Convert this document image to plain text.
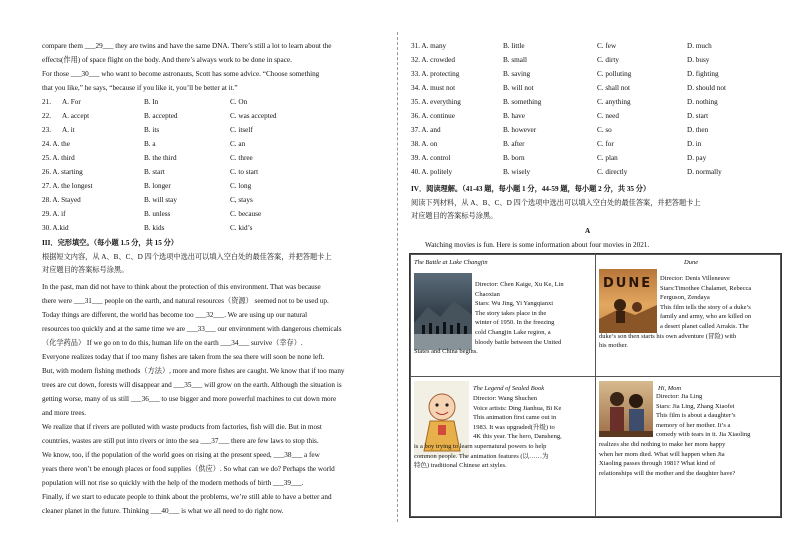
compare them ___29___ they are twins and have the same DNA. There’s still a lot to learn about the
effects(作用) of space flight on the body. And there’s always work to be done in space.
For those ___30___ who want to become astronauts, Scott has some advice. “Choose something
that you like,” he says, “because if you like it, you’ll be better at it.”
21. A. For	B. In	C. On
22. A. accept	B. accepted	C. was accepted
23. A. it	B. its	C. itself
24. A. the	B. a	C. an
25. A. third	B. the third	C. three
26. A. starting	B. start	C. to start
27. A. the longest	B. longer	C. long
28. A. Stayed	B. will stay	C, stays
29. A. if	B. unless	C. because
30. A.kid	B. kids	C. kid’s
III．完形填空。（每小题 1.5 分，共 15 分）
根据短文内容，从 A、B、C、D 四个选项中选出可以填入空白处的最佳答案，并把答题卡上
对应题目的答案标号涂黑。
In the past, man did not have to think about the protection of this environment. That was because
there were ___31___ people on the earth, and natural resources（资源） seemed not to be used up.
Today things are different, the world has become too ___32___. We are using up our natural
resources too quickly and at the same time we are ___33___ our environment with dangerous chemicals
（化学药品） If we go on to do this, human life on the earth ___34___ survive（幸存）.
Everyone realizes today that if too many fishes are taken from the sea there will soon be none left.
But, with modern fishing methods（方法）, more and more fishes are caught. We know that if too many
trees are cut down, forests will disappear and ___35___ will grow on the earth. Although the situation is
getting worse, many of us still ___36___ to use bigger and more powerful machines to cut down more
and more trees.
We realize that if rivers are polluted with waste products from factories, fish will die. But in most
countries, wastes are still put into rivers or into the sea ___37___ there are few laws to stop this.
We know, too, if the population of the world goes on rising at the present speed, ___38___ a few
years there won’t be enough places or food supplies（供应）. So what can we do? Perhaps the world
population will not rise so quickly with the help of the modern methods of birth ___39___.
Finally, if we start to educate people to think about the problems, we’re still able to have a better and
cleaner planet in the future. Thinking ___40___ is what we all need to do right now.
31. A. many	B. little	C. few	D. much
32. A. crowded	B. small	C. dirty	D. busy
33. A. protecting	B. saving	C. polluting	D. fighting
34. A. must not	B. will not	C. shall not	D. should not
35. A. everything	B. something	C. anything	D. nothing
36. A. continue	B. have	C. need	D. start
37. A. and	B. however	C. so	D. then
38. A. on	B. after	C. for	D. in
39. A. control	B. born	C. plan	D. pay
40. A. politely	B. wisely	C. directly	D. normally
IV．阅读理解。（41-43 题，每小题 1 分，44-59 题，每小题 2 分，共 35 分）
阅读下列材料，从 A、B、C、D 四个选项中选出可以填入空白处的最佳答案，并把答题卡上
对应题目的答案标号涂黑。
A
Watching movies is fun. Here is some information about four movies in 2021.
The Battle at Lake Changjin
Director: Chen Kaige, Xu Ke, Lin
Chaoxian
Stars: Wu Jing, Yi Yangqianxi
The story takes place in the
winter of 1950. In the freezing
cold Changjin Lake region, a
bloody battle between the United
States and China begins.
Dune
DUNE Director: Denis Villeneuve
Stars:Timothee Chalamet, Rebecca
Ferguson, Zendaya
This film tells the story of a duke’s
family and army, who are killed on
a desert planet called Arrakis. The
duke’s son then starts his own adventure (冒险) with
his mother.
The Legend of Sealed Book
Director: Wang Shuchen
Voice artists: Ding Jianhua, Bi Ke
This animation first came out in
1983. It was upgraded(升级) to
4K this year. The hero, Dansheng,
is a boy trying to learn supernatural powers to help
common people. The animation features (以……为
特色) traditional Chinese art styles.
Hi, Mom
Director: Jia Ling
Stars: Jia Ling, Zhang Xiaofei
This film is about a daughter’s
memory of her mother. It’s a
comedy with tears in it. Jia Xiaoling
realizes she did nothing to make her mom happy
when her mom died. What will happen when Jia
Xiaoling passes through 1981? What kind of
relationships will the mother and the daughter have?
